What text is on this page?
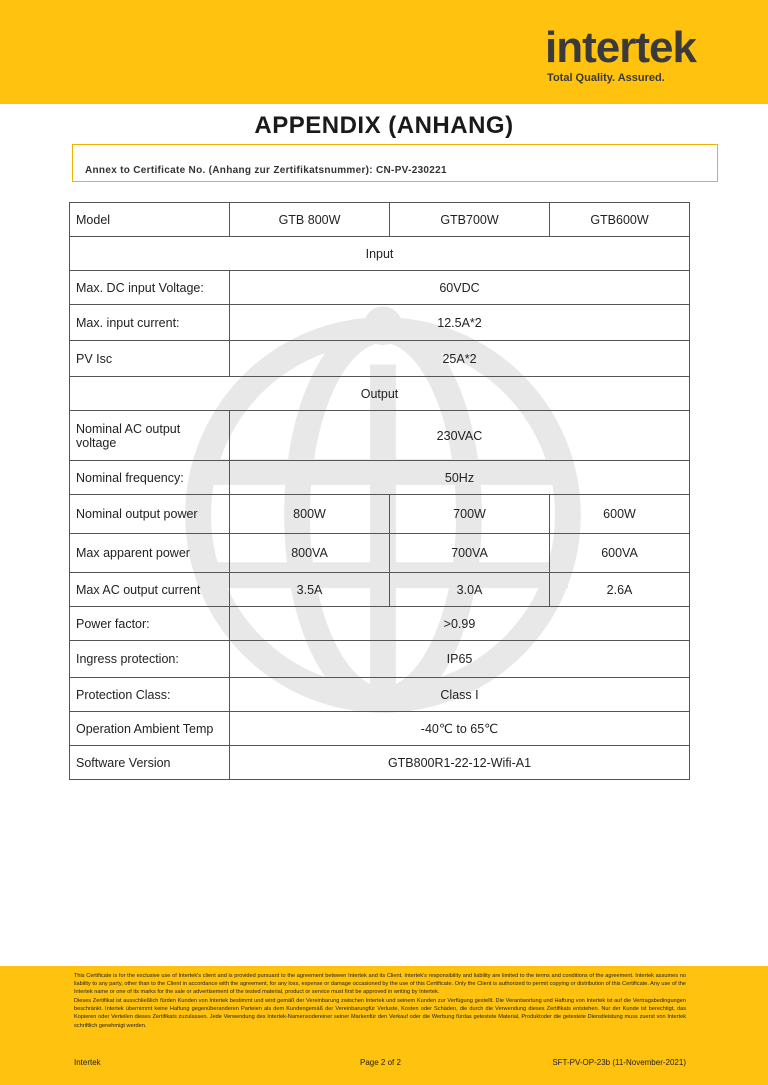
intertek
Total Quality. Assured.
APPENDIX (ANHANG)
Annex to Certificate No. (Anhang zur Zertifikatsnummer): CN-PV-230221
Model	GTB 800W	GTB700W	GTB600W
Input			
Max. DC input Voltage:	60VDC		
Max. input current:	12.5A*2		
PV Isc	25A*2		
Output			
Nominal AC output voltage	230VAC		
Nominal frequency:	50Hz		
Nominal output power	800W	700W	600W
Max apparent power	800VA	700VA	600VA
Max AC output current	3.5A	3.0A	2.6A
Power factor:	>0.99		
Ingress protection:	IP65		
Protection Class:	Class I		
Operation Ambient Temp	-40℃ to 65℃		
Software Version	GTB800R1-22-12-Wifi-A1		

This Certificate is for the exclusive use of Intertek's client and is provided pursuant to the agreement between Intertek and its Client. Intertek's responsibility and liability are limited to the terms and conditions of the agreement. Intertek assumes no liability to any party, other than to the Client in accordance with the agreement, for any loss, expense or damage occasioned by the use of this Certificate. Only the Client is authorized to permit copying or distribution of this Certificate. Any use of the Intertek name or one of its marks for the sale or advertisement of the tested material, product or service must first be approved in writing by Intertek.

Dieses Zertifikat ist ausschließlich fürden Kunden von Intertek bestimmt und wird gemäß der Vereinbarung zwischen Intertek und seinem Kunden zur Verfügung gestellt. Die Verantwortung und Haftung von Intertek ist auf die Vertragsbedingungen beschränkt. Intertek übernimmt keine Haftung gegenüberanderen Parteien als dem Kundengemäß der Vereinbarungfür Verluste, Kosten oder Schäden, die durch die Verwendung dieses Zertifikats entstehen. Nur der Kunde ist berechtigt, das Kopieren oder Verteilen dieses Zertifikats zuzulassen. Jede Verwendung des Intertek-Namensodereiner seiner Markenfür den Verkauf oder die Werbung fürdas getestete Material, Produktoder die getestete Dienstleistung muss zuerst von Intertek schriftlich genehmigt werden.

Intertek	Page 2 of 2	SFT-PV-OP-23b (11-November-2021)
